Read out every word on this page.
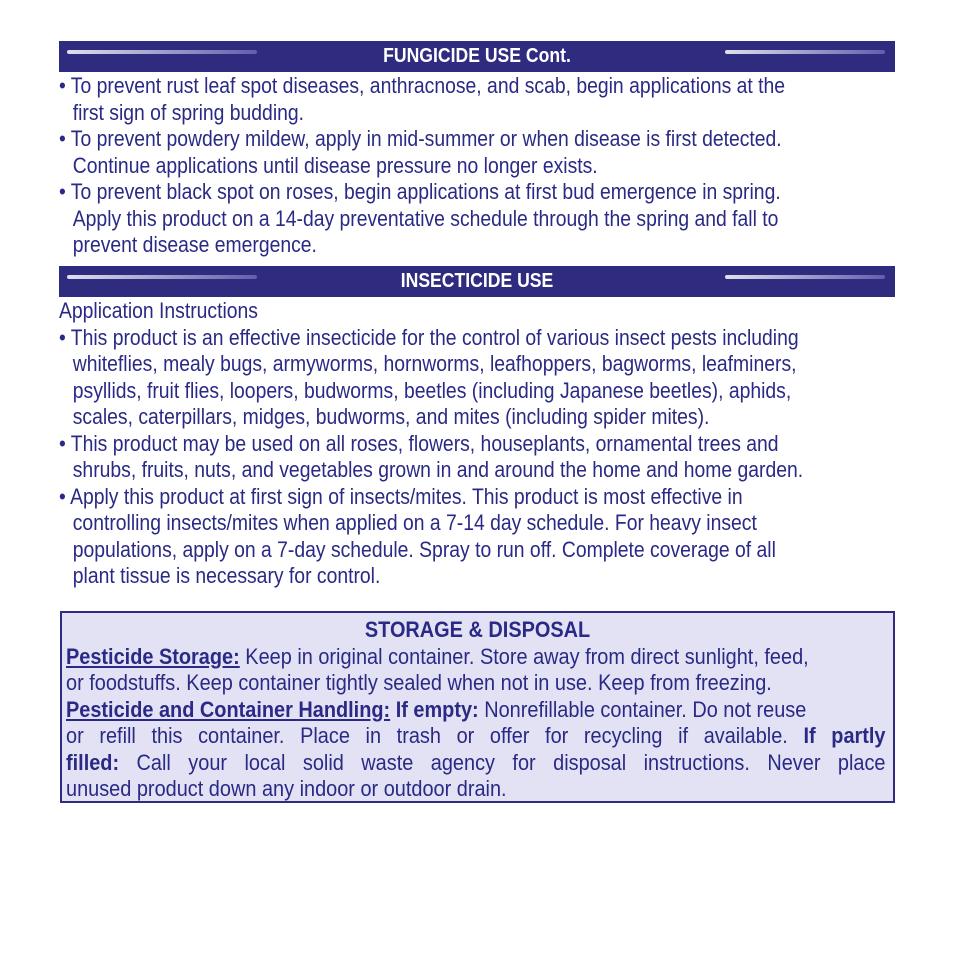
FUNGICIDE USE Cont.
• To prevent rust leaf spot diseases, anthracnose, and scab, begin applications at the
first sign of spring budding.
• To prevent powdery mildew, apply in mid-summer or when disease is first detected.
Continue applications until disease pressure no longer exists.
• To prevent black spot on roses, begin applications at first bud emergence in spring.
Apply this product on a 14-day preventative schedule through the spring and fall to
prevent disease emergence.
INSECTICIDE USE
Application Instructions
• This product is an effective insecticide for the control of various insect pests including
whiteflies, mealy bugs, armyworms, hornworms, leafhoppers, bagworms, leafminers,
psyllids, fruit flies, loopers, budworms, beetles (including Japanese beetles), aphids,
scales, caterpillars, midges, budworms, and mites (including spider mites).
• This product may be used on all roses, flowers, houseplants, ornamental trees and
shrubs, fruits, nuts, and vegetables grown in and around the home and home garden.
• Apply this product at first sign of insects/mites. This product is most effective in
controlling insects/mites when applied on a 7-14 day schedule. For heavy insect
populations, apply on a 7-day schedule. Spray to run off. Complete coverage of all
plant tissue is necessary for control.
STORAGE & DISPOSAL
Pesticide Storage: Keep in original container. Store away from direct sunlight, feed,
or foodstuffs. Keep container tightly sealed when not in use. Keep from freezing.
Pesticide and Container Handling: If empty: Nonrefillable container. Do not reuse
or refill this container. Place in trash or offer for recycling if available. If partly
filled: Call your local solid waste agency for disposal instructions. Never place
unused product down any indoor or outdoor drain.
